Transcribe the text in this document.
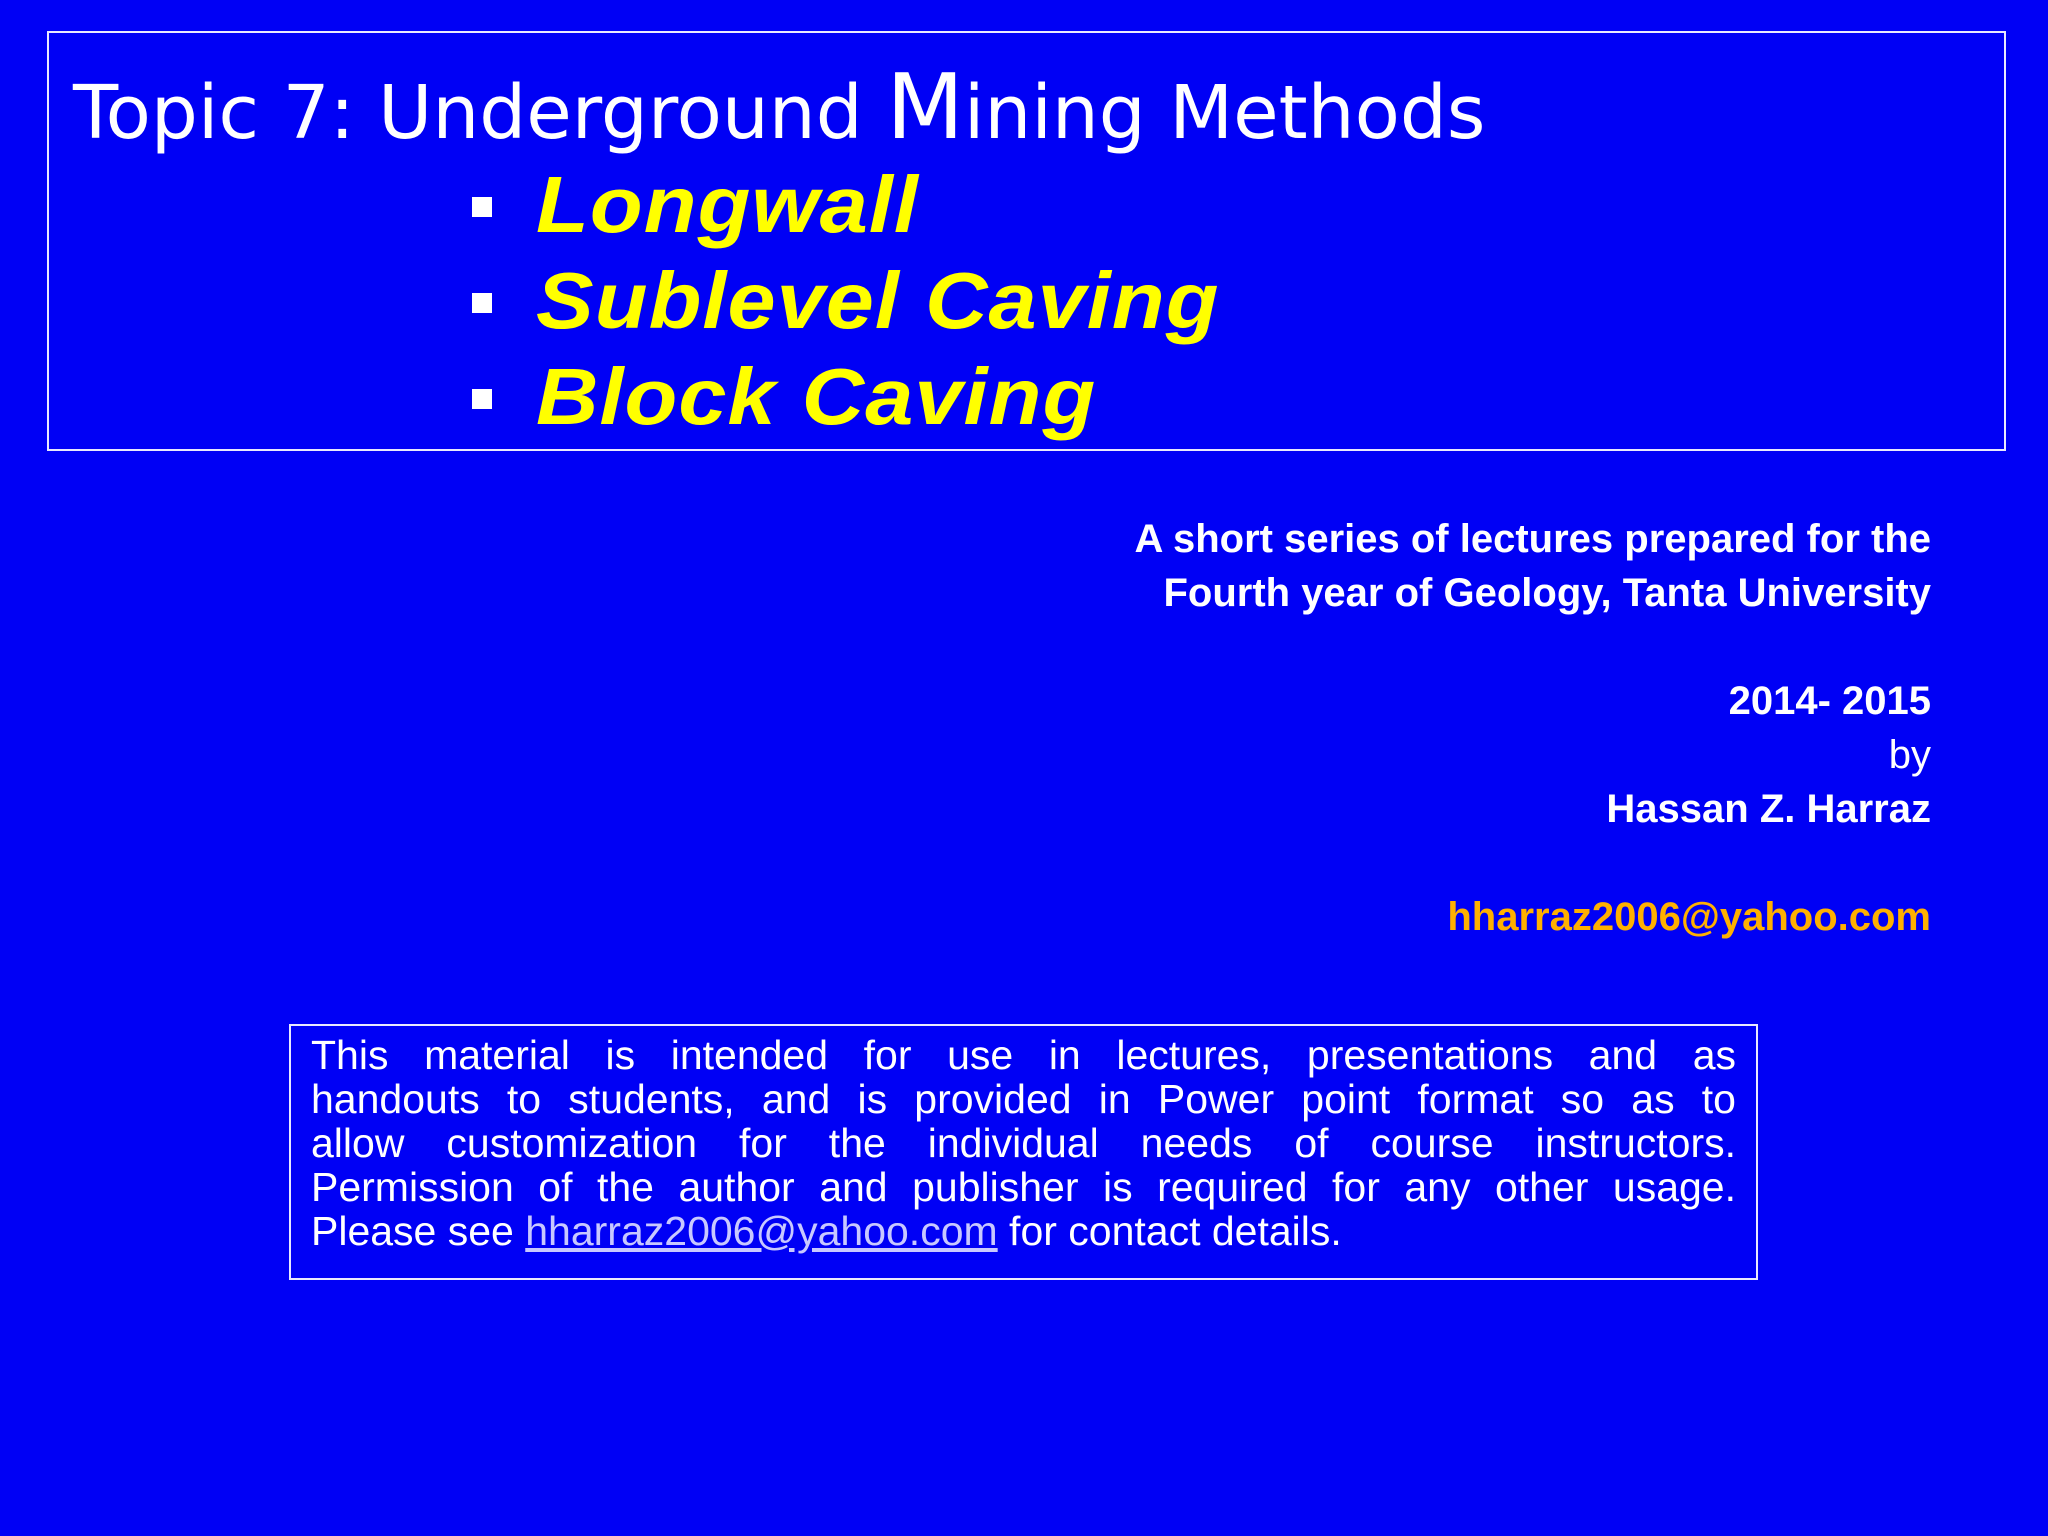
Topic 7: Underground Mining Methods
Longwall
Sublevel Caving
Block Caving
A short series of lectures prepared for the
Fourth year of Geology, Tanta University
2014- 2015
by
Hassan Z. Harraz
hharraz2006@yahoo.com
This material is intended for use in lectures, presentations and as
handouts to students, and is provided in Power point format so as to
allow customization for the individual needs of course instructors.
Permission of the author and publisher is required for any other usage.
Please see hharraz2006@yahoo.com for contact details.
